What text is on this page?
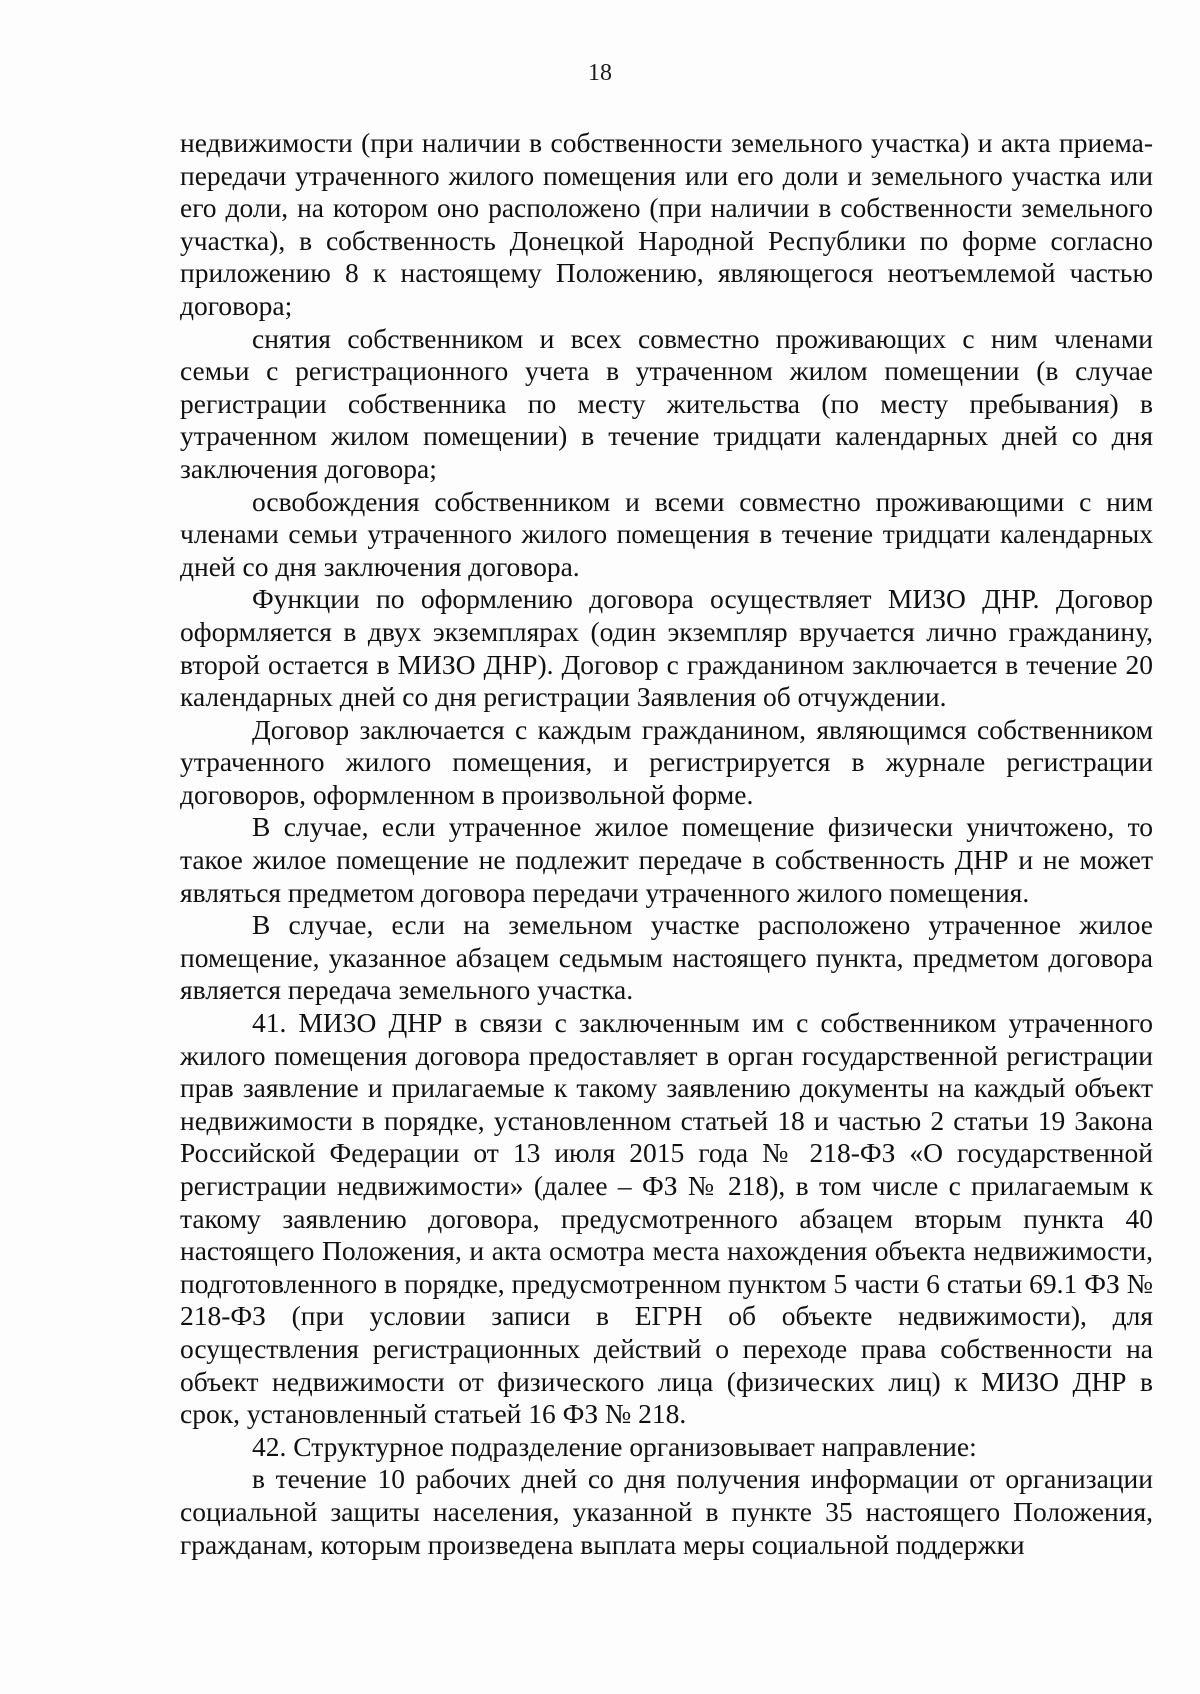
18

недвижимости (при наличии в собственности земельного участка) и акта приема-передачи утраченного жилого помещения или его доли и земельного участка или его доли, на котором оно расположено (при наличии в собственности земельного участка), в собственность Донецкой Народной Республики по форме согласно приложению 8 к настоящему Положению, являющегося неотъемлемой частью договора;

снятия собственником и всех совместно проживающих с ним членами семьи с регистрационного учета в утраченном жилом помещении (в случае регистрации собственника по месту жительства (по месту пребывания) в утраченном жилом помещении) в течение тридцати календарных дней со дня заключения договора;

освобождения собственником и всеми совместно проживающими с ним членами семьи утраченного жилого помещения в течение тридцати календарных дней со дня заключения договора.

Функции по оформлению договора осуществляет МИЗО ДНР. Договор оформляется в двух экземплярах (один экземпляр вручается лично гражданину, второй остается в МИЗО ДНР). Договор с гражданином заключается в течение 20 календарных дней со дня регистрации Заявления об отчуждении.

Договор заключается с каждым гражданином, являющимся собственником утраченного жилого помещения, и регистрируется в журнале регистрации договоров, оформленном в произвольной форме.

В случае, если утраченное жилое помещение физически уничтожено, то такое жилое помещение не подлежит передаче в собственность ДНР и не может являться предметом договора передачи утраченного жилого помещения.

В случае, если на земельном участке расположено утраченное жилое помещение, указанное абзацем седьмым настоящего пункта, предметом договора является передача земельного участка.

41. МИЗО ДНР в связи с заключенным им с собственником утраченного жилого помещения договора предоставляет в орган государственной регистрации прав заявление и прилагаемые к такому заявлению документы на каждый объект недвижимости в порядке, установленном статьей 18 и частью 2 статьи 19 Закона Российской Федерации от 13 июля 2015 года № 218-ФЗ «О государственной регистрации недвижимости» (далее – ФЗ № 218), в том числе с прилагаемым к такому заявлению договора, предусмотренного абзацем вторым пункта 40 настоящего Положения, и акта осмотра места нахождения объекта недвижимости, подготовленного в порядке, предусмотренном пунктом 5 части 6 статьи 69.1 ФЗ № 218-ФЗ (при условии записи в ЕГРН об объекте недвижимости), для осуществления регистрационных действий о переходе права собственности на объект недвижимости от физического лица (физических лиц) к МИЗО ДНР в срок, установленный статьей 16 ФЗ № 218.

42. Структурное подразделение организовывает направление:

в течение 10 рабочих дней со дня получения информации от организации социальной защиты населения, указанной в пункте 35 настоящего Положения, гражданам, которым произведена выплата меры социальной поддержки
